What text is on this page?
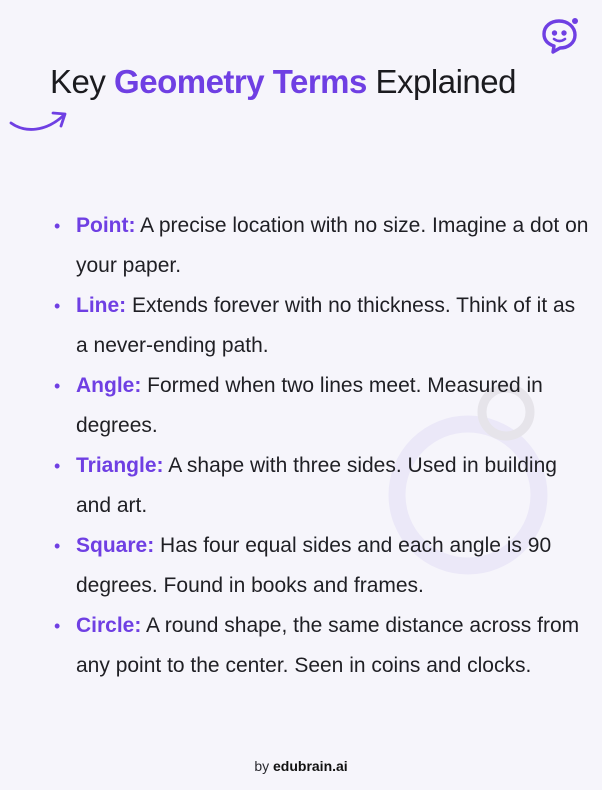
Key Geometry Terms Explained
• Point: A precise location with no size. Imagine a dot on your paper.
• Line: Extends forever with no thickness. Think of it as a never-ending path.
• Angle: Formed when two lines meet. Measured in degrees.
• Triangle: A shape with three sides. Used in building and art.
• Square: Has four equal sides and each angle is 90 degrees. Found in books and frames.
• Circle: A round shape, the same distance across from any point to the center. Seen in coins and clocks.
by edubrain.ai
